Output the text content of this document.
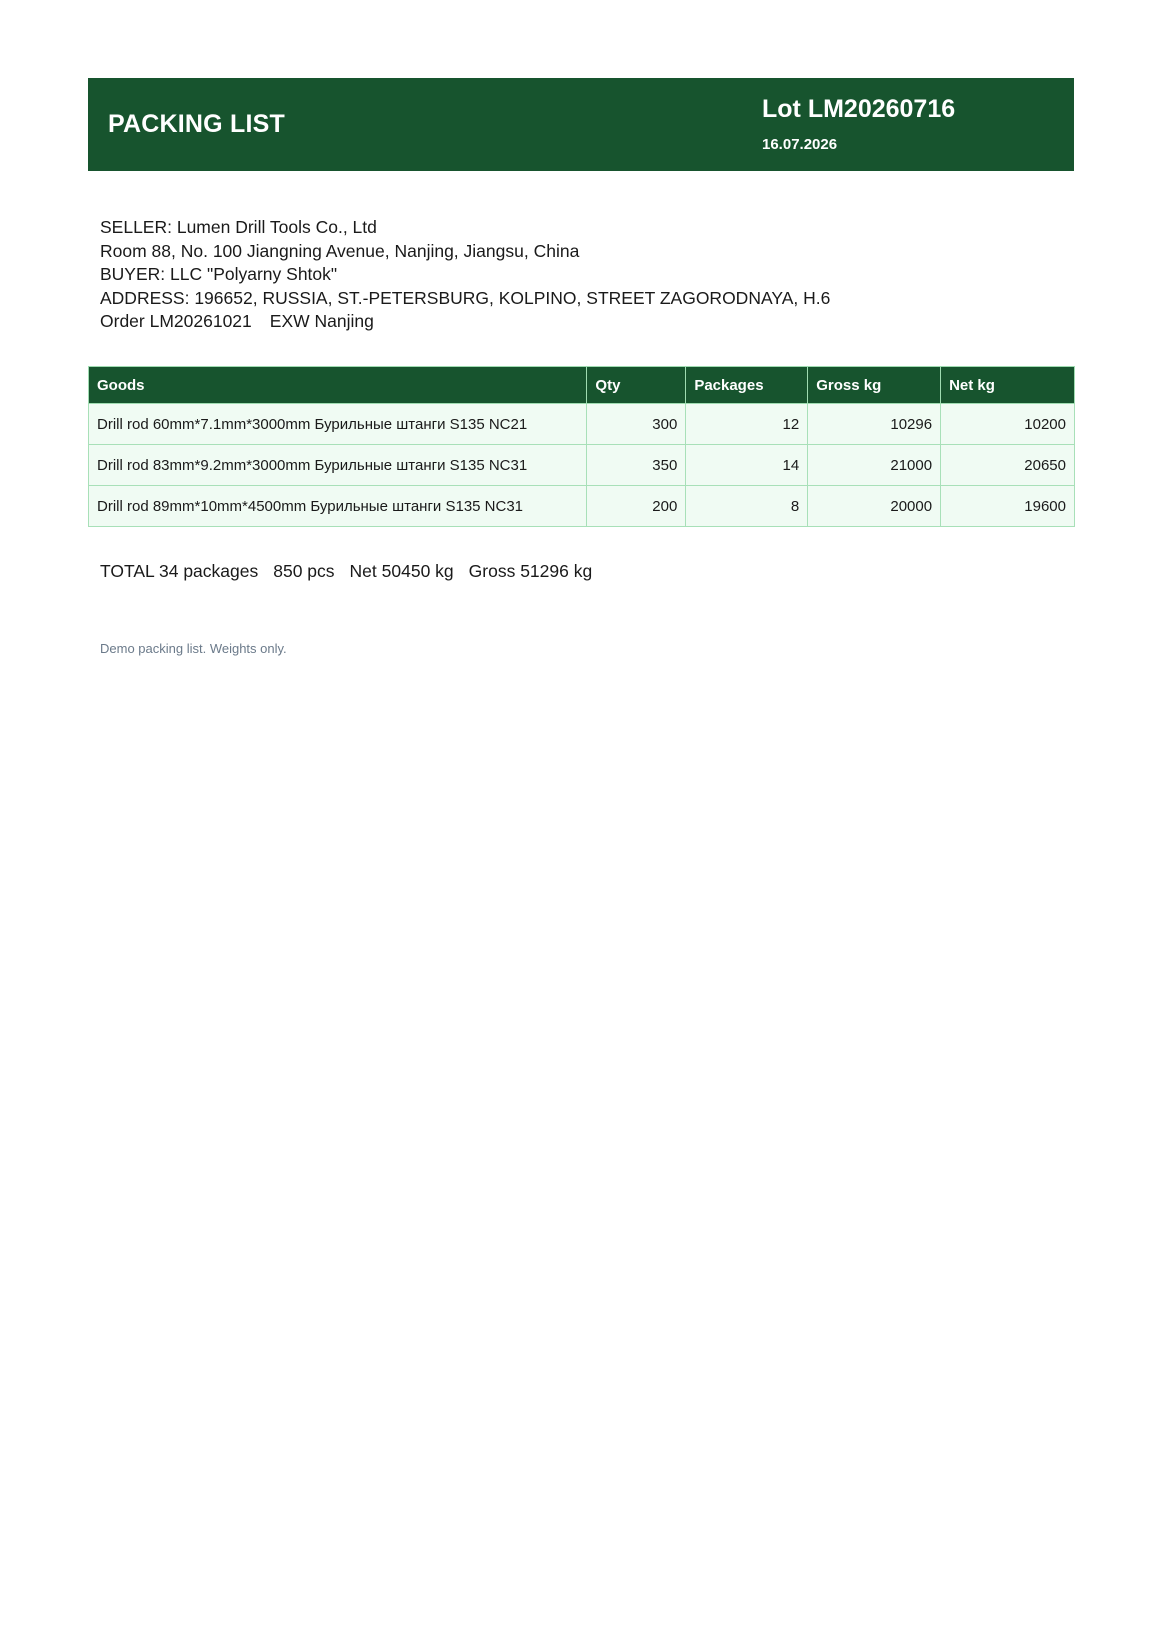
PACKING LIST
Lot LM20260716
16.07.2026
SELLER: Lumen Drill Tools Co., Ltd
Room 88, No. 100 Jiangning Avenue, Nanjing, Jiangsu, China
BUYER: LLC "Polyarny Shtok"
ADDRESS: 196652, RUSSIA, ST.-PETERSBURG, KOLPINO, STREET ZAGORODNAYA, H.6
Order LM20261021 EXW Nanjing
Goods	Qty	Packages	Gross kg	Net kg
Drill rod 60mm*7.1mm*3000mm Бурильные штанги S135 NC21	300	12	10296	10200
Drill rod 83mm*9.2mm*3000mm Бурильные штанги S135 NC31	350	14	21000	20650
Drill rod 89mm*10mm*4500mm Бурильные штанги S135 NC31	200	8	20000	19600
TOTAL 34 packages 850 pcs Net 50450 kg Gross 51296 kg
Demo packing list. Weights only.
